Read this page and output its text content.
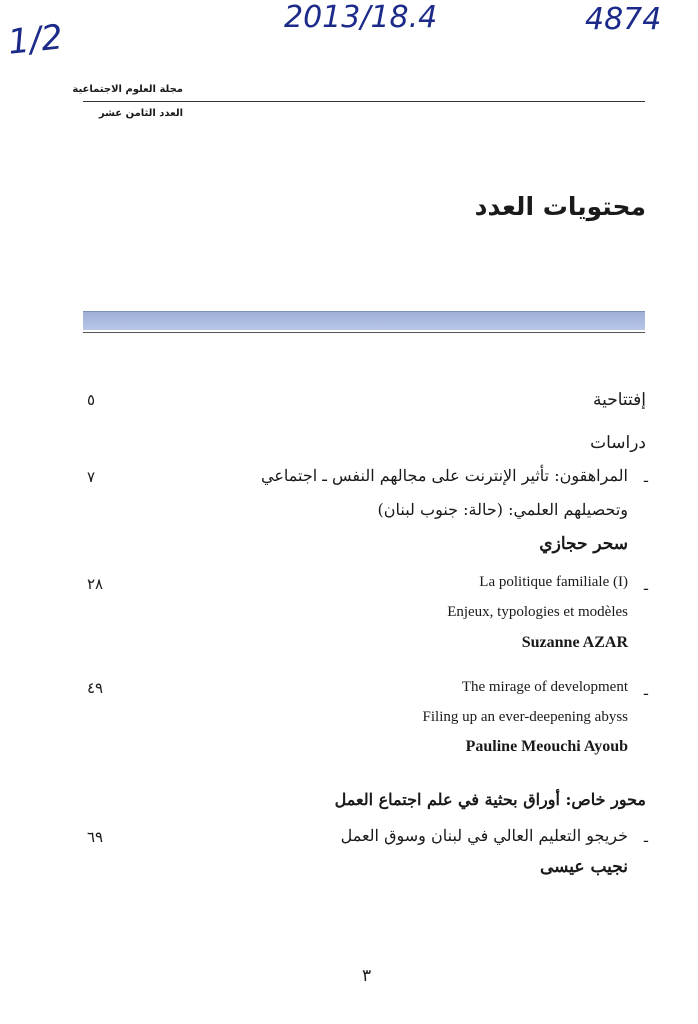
1/2	2013/18.4	4874
مجلة العلوم الاجتماعية
العدد الثامن عشر
محتويات العدد
إفتتاحية
٥
دراسات
ـ
المراهقون: تأثير الإنترنت على مجالهم النفس ـ اجتماعي
وتحصيلهم العلمي: (حالة: جنوب لبنان)
سحر حجازي
٧
ـ
La politique familiale (I)
Enjeux, typologies et modèles
Suzanne AZAR
٢٨
ـ
The mirage of development
Filing up an ever-deepening abyss
Pauline Meouchi Ayoub
٤٩
محور خاص: أوراق بحثية في علم اجتماع العمل
ـ
خريجو التعليم العالي في لبنان وسوق العمل
نجيب عيسى
٦٩
٣
